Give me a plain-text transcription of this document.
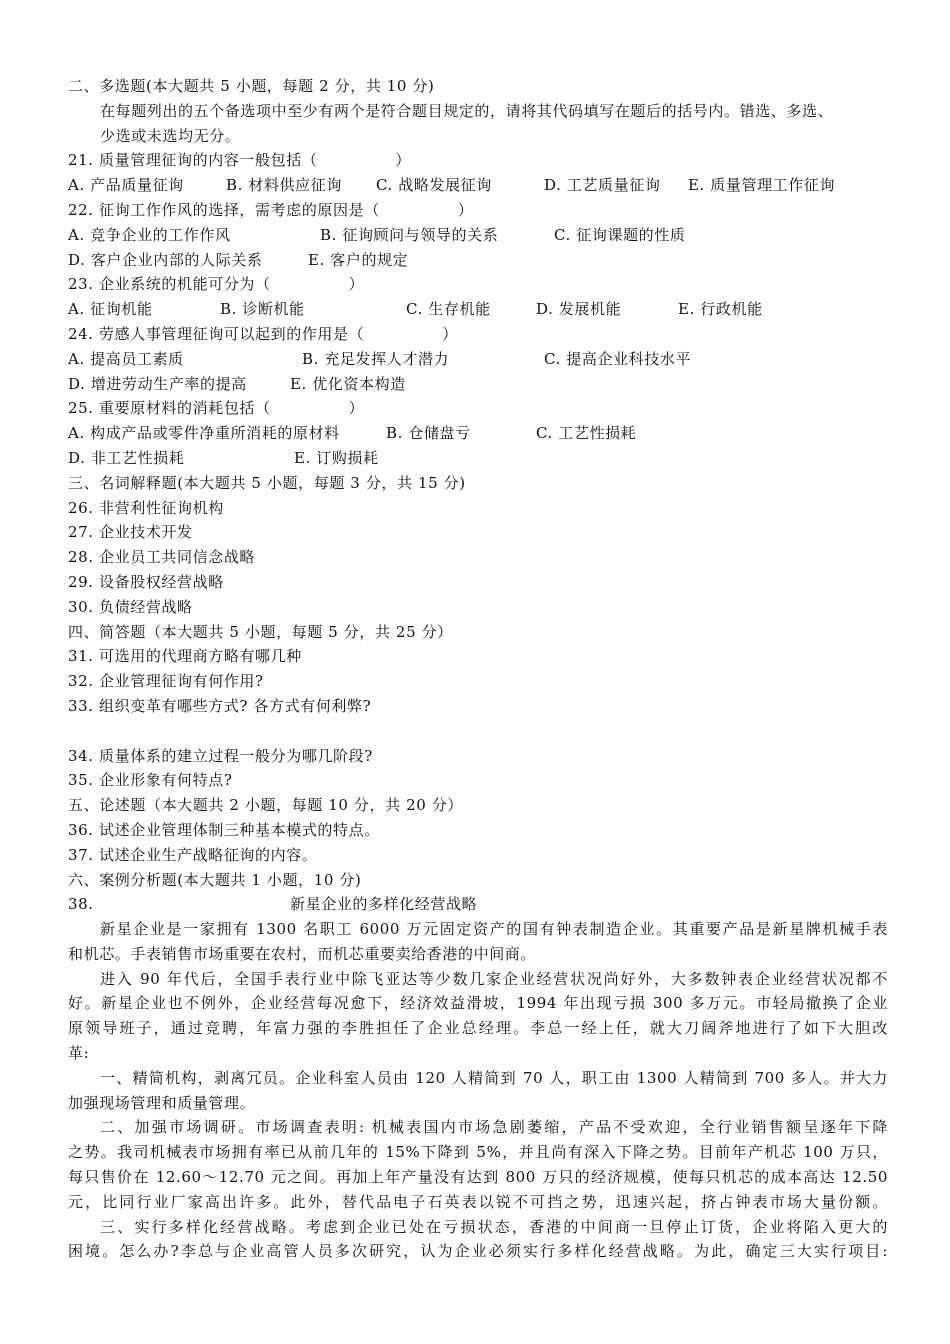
二、多选题(本大题共 5 小题，每题 2 分，共 10 分)
在每题列出的五个备选项中至少有两个是符合题目规定的，请将其代码填写在题后的括号内。错选、多选、
少选或未选均无分。
21. 质量管理征询的内容一般包括（　　　　　）
A. 产品质量征询	B. 材料供应征询 C. 战略发展征询	D. 工艺质量征询 E. 质量管理工作征询
22. 征询工作作风的选择，需考虑的原因是（　　　　　）
A. 竞争企业的工作作风	B. 征询顾问与领导的关系	C. 征询课题的性质
D. 客户企业内部的人际关系	E. 客户的规定
23. 企业系统的机能可分为（　　　　　）
A. 征询机能	B. 诊断机能	C. 生存机能	D. 发展机能	E. 行政机能
24. 劳感人事管理征询可以起到的作用是（　　　　　）
A. 提高员工素质	B. 充足发挥人才潜力	C. 提高企业科技水平
D. 增进劳动生产率的提高	E. 优化资本构造
25. 重要原材料的消耗包括（　　　　　）
A. 构成产品或零件净重所消耗的原材料	B. 仓储盘亏	C. 工艺性损耗
D. 非工艺性损耗	E. 订购损耗
三、名词解释题(本大题共 5 小题，每题 3 分，共 15 分)
26. 非营利性征询机构
27. 企业技术开发
28. 企业员工共同信念战略
29. 设备股权经营战略
30. 负债经营战略
四、简答题（本大题共 5 小题，每题 5 分，共 25 分）
31. 可选用的代理商方略有哪几种
32. 企业管理征询有何作用?
33. 组织变革有哪些方式? 各方式有何利弊?
34. 质量体系的建立过程一般分为哪几阶段?
35. 企业形象有何特点?
五、论述题（本大题共 2 小题，每题 10 分，共 20 分）
36. 试述企业管理体制三种基本模式的特点。
37. 试述企业生产战略征询的内容。
六、案例分析题(本大题共 1 小题，10 分)
38.	新星企业的多样化经营战略
新星企业是一家拥有 1300 名职工 6000 万元固定资产的国有钟表制造企业。其重要产品是新星牌机械手表
和机芯。手表销售市场重要在农村，而机芯重要卖给香港的中间商。
进入 90 年代后，全国手表行业中除飞亚达等少数几家企业经营状况尚好外，大多数钟表企业经营状况都不
好。新星企业也不例外，企业经营每况愈下，经济效益滑坡，1994 年出现亏损 300 多万元。市轻局撤换了企业
原领导班子，通过竞聘，年富力强的李胜担任了企业总经理。李总一经上任，就大刀阔斧地进行了如下大胆改
革:
一、精简机构，剥离冗员。企业科室人员由 120 人精简到 70 人，职工由 1300 人精简到 700 多人。并大力
加强现场管理和质量管理。
二、加强市场调研。市场调查表明: 机械表国内市场急剧萎缩，产品不受欢迎，全行业销售额呈逐年下降
之势。我司机械表市场拥有率已从前几年的 15%下降到 5%，并且尚有深入下降之势。目前年产机芯 100 万只，
每只售价在 12.60～12.70 元之间。再加上年产量没有达到 800 万只的经济规模，使每只机芯的成本高达 12.50
元，比同行业厂家高出许多。此外，替代品电子石英表以锐不可挡之势，迅速兴起，挤占钟表市场大量份额。
三、实行多样化经营战略。考虑到企业已处在亏损状态，香港的中间商一旦停止订货，企业将陷入更大的
困境。怎么办?李总与企业高管人员多次研究，认为企业必须实行多样化经营战略。为此，确定三大实行项目:
